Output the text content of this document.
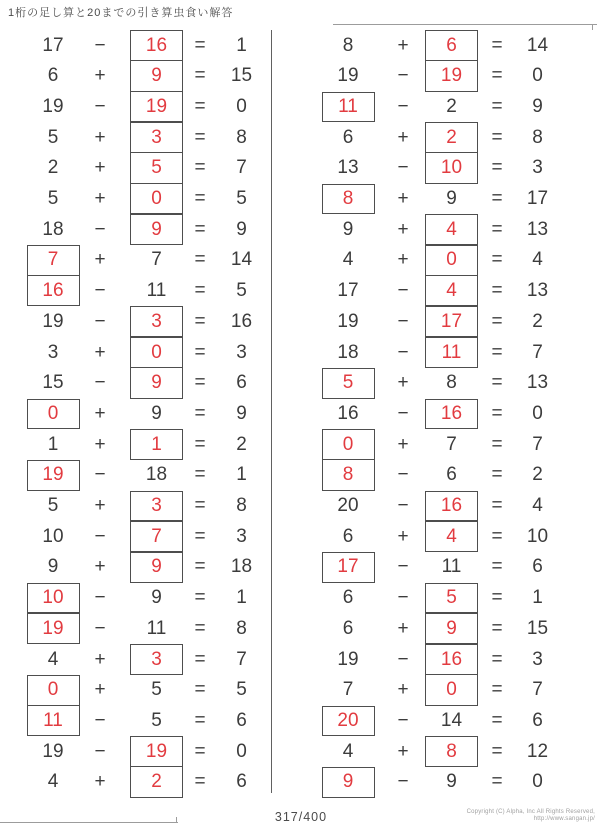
1桁の足し算と20までの引き算虫食い解答
17	−	16	=	1
6	+	9	=	15
19	−	19	=	0
5	+	3	=	8
2	+	5	=	7
5	+	0	=	5
18	−	9	=	9
7	+	7	=	14
16	−	11	=	5
19	−	3	=	16
3	+	0	=	3
15	−	9	=	6
0	+	9	=	9
1	+	1	=	2
19	−	18	=	1
5	+	3	=	8
10	−	7	=	3
9	+	9	=	18
10	−	9	=	1
19	−	11	=	8
4	+	3	=	7
0	+	5	=	5
11	−	5	=	6
19	−	19	=	0
4	+	2	=	6
8	+	6	=	14
19	−	19	=	0
11	−	2	=	9
6	+	2	=	8
13	−	10	=	3
8	+	9	=	17
9	+	4	=	13
4	+	0	=	4
17	−	4	=	13
19	−	17	=	2
18	−	11	=	7
5	+	8	=	13
16	−	16	=	0
0	+	7	=	7
8	−	6	=	2
20	−	16	=	4
6	+	4	=	10
17	−	11	=	6
6	−	5	=	1
6	+	9	=	15
19	−	16	=	3
7	+	0	=	7
20	−	14	=	6
4	+	8	=	12
9	−	9	=	0
317/400	Copyright (C) Alpha, Inc All Rights Reserved,
http://www.sangan.jp/
